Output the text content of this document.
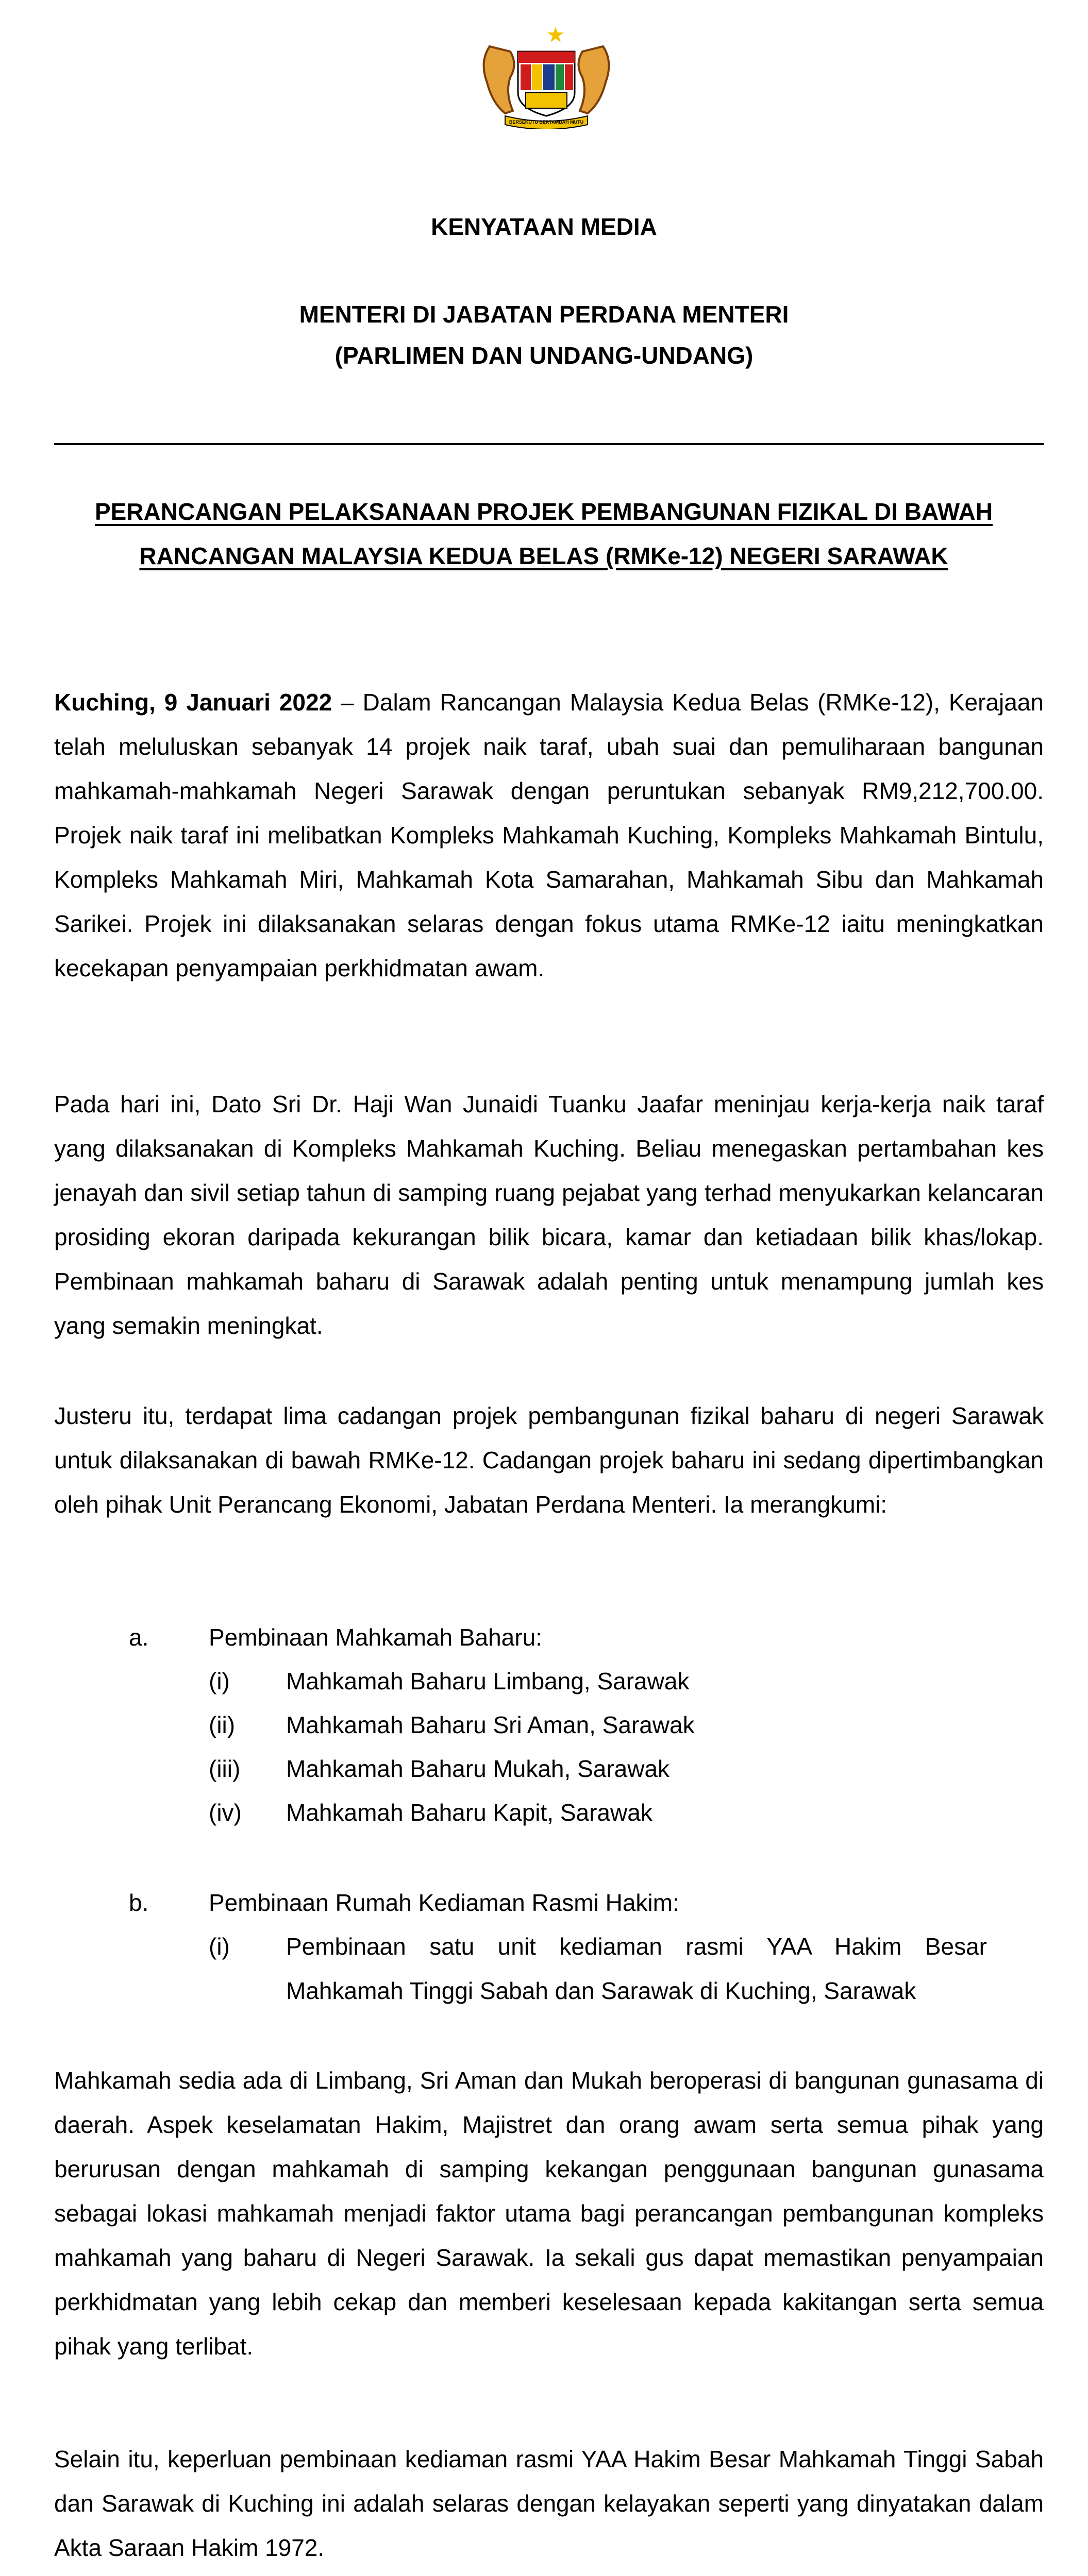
BERSEKUTU BERTAMBAH MUTU
KENYATAAN MEDIA
MENTERI DI JABATAN PERDANA MENTERI
(PARLIMEN DAN UNDANG-UNDANG)
PERANCANGAN PELAKSANAAN PROJEK PEMBANGUNAN FIZIKAL DI BAWAH RANCANGAN MALAYSIA KEDUA BELAS (RMKe-12) NEGERI SARAWAK
Kuching, 9 Januari 2022 – Dalam Rancangan Malaysia Kedua Belas (RMKe-12), Kerajaan telah meluluskan sebanyak 14 projek naik taraf, ubah suai dan pemuliharaan bangunan mahkamah-mahkamah Negeri Sarawak dengan peruntukan sebanyak RM9,212,700.00. Projek naik taraf ini melibatkan Kompleks Mahkamah Kuching, Kompleks Mahkamah Bintulu, Kompleks Mahkamah Miri, Mahkamah Kota Samarahan, Mahkamah Sibu dan Mahkamah Sarikei. Projek ini dilaksanakan selaras dengan fokus utama RMKe-12 iaitu meningkatkan kecekapan penyampaian perkhidmatan awam.
Pada hari ini, Dato Sri Dr. Haji Wan Junaidi Tuanku Jaafar meninjau kerja-kerja naik taraf yang dilaksanakan di Kompleks Mahkamah Kuching. Beliau menegaskan pertambahan kes jenayah dan sivil setiap tahun di samping ruang pejabat yang terhad menyukarkan kelancaran prosiding ekoran daripada kekurangan bilik bicara, kamar dan ketiadaan bilik khas/lokap. Pembinaan mahkamah baharu di Sarawak adalah penting untuk menampung jumlah kes yang semakin meningkat.
Justeru itu, terdapat lima cadangan projek pembangunan fizikal baharu di negeri Sarawak untuk dilaksanakan di bawah RMKe-12. Cadangan projek baharu ini sedang dipertimbangkan oleh pihak Unit Perancang Ekonomi, Jabatan Perdana Menteri. Ia merangkumi:
a.	Pembinaan Mahkamah Baharu:
(i) Mahkamah Baharu Limbang, Sarawak
(ii) Mahkamah Baharu Sri Aman, Sarawak
(iii) Mahkamah Baharu Mukah, Sarawak
(iv) Mahkamah Baharu Kapit, Sarawak
b.	Pembinaan Rumah Kediaman Rasmi Hakim:
(i) Pembinaan satu unit kediaman rasmi YAA Hakim Besar Mahkamah Tinggi Sabah dan Sarawak di Kuching, Sarawak
Mahkamah sedia ada di Limbang, Sri Aman dan Mukah beroperasi di bangunan gunasama di daerah. Aspek keselamatan Hakim, Majistret dan orang awam serta semua pihak yang berurusan dengan mahkamah di samping kekangan penggunaan bangunan gunasama sebagai lokasi mahkamah menjadi faktor utama bagi perancangan pembangunan kompleks mahkamah yang baharu di Negeri Sarawak. Ia sekali gus dapat memastikan penyampaian perkhidmatan yang lebih cekap dan memberi keselesaan kepada kakitangan serta semua pihak yang terlibat.
Selain itu, keperluan pembinaan kediaman rasmi YAA Hakim Besar Mahkamah Tinggi Sabah dan Sarawak di Kuching ini adalah selaras dengan kelayakan seperti yang dinyatakan dalam Akta Saraan Hakim 1972.
